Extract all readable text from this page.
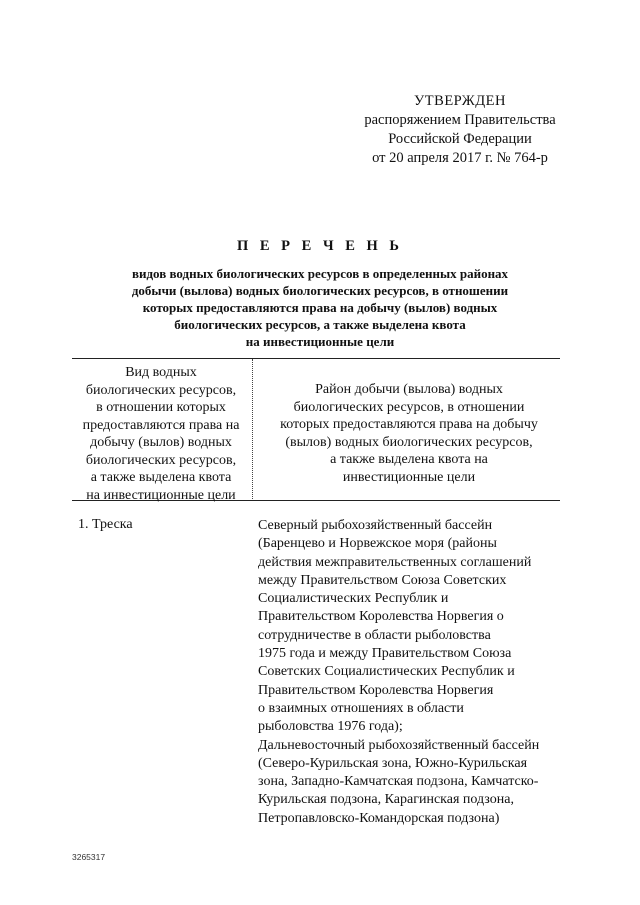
УТВЕРЖДЕН
распоряжением Правительства
Российской Федерации
от 20 апреля 2017 г. № 764-р
П Е Р Е Ч Е Н Ь
видов водных биологических ресурсов в определенных районах
добычи (вылова) водных биологических ресурсов, в отношении
которых предоставляются права на добычу (вылов) водных
биологических ресурсов, а также выделена квота
на инвестиционные цели
Вид водных
биологических ресурсов,
в отношении которых
предоставляются права на
добычу (вылов) водных
биологических ресурсов,
а также выделена квота
на инвестиционные цели
Район добычи (вылова) водных
биологических ресурсов, в отношении
которых предоставляются права на добычу
(вылов) водных биологических ресурсов,
а также выделена квота на
инвестиционные цели
1. Треска	Северный рыбохозяйственный бассейн
(Баренцево и Норвежское моря (районы
действия межправительственных соглашений
между Правительством Союза Советских
Социалистических Республик и
Правительством Королевства Норвегия о
сотрудничестве в области рыболовства
1975 года и между Правительством Союза
Советских Социалистических Республик и
Правительством Королевства Норвегия
о взаимных отношениях в области
рыболовства 1976 года);
Дальневосточный рыбохозяйственный бассейн
(Северо-Курильская зона, Южно-Курильская
зона, Западно-Камчатская подзона, Камчатско-
Курильская подзона, Карагинская подзона,
Петропавловско-Командорская подзона)
3265317
